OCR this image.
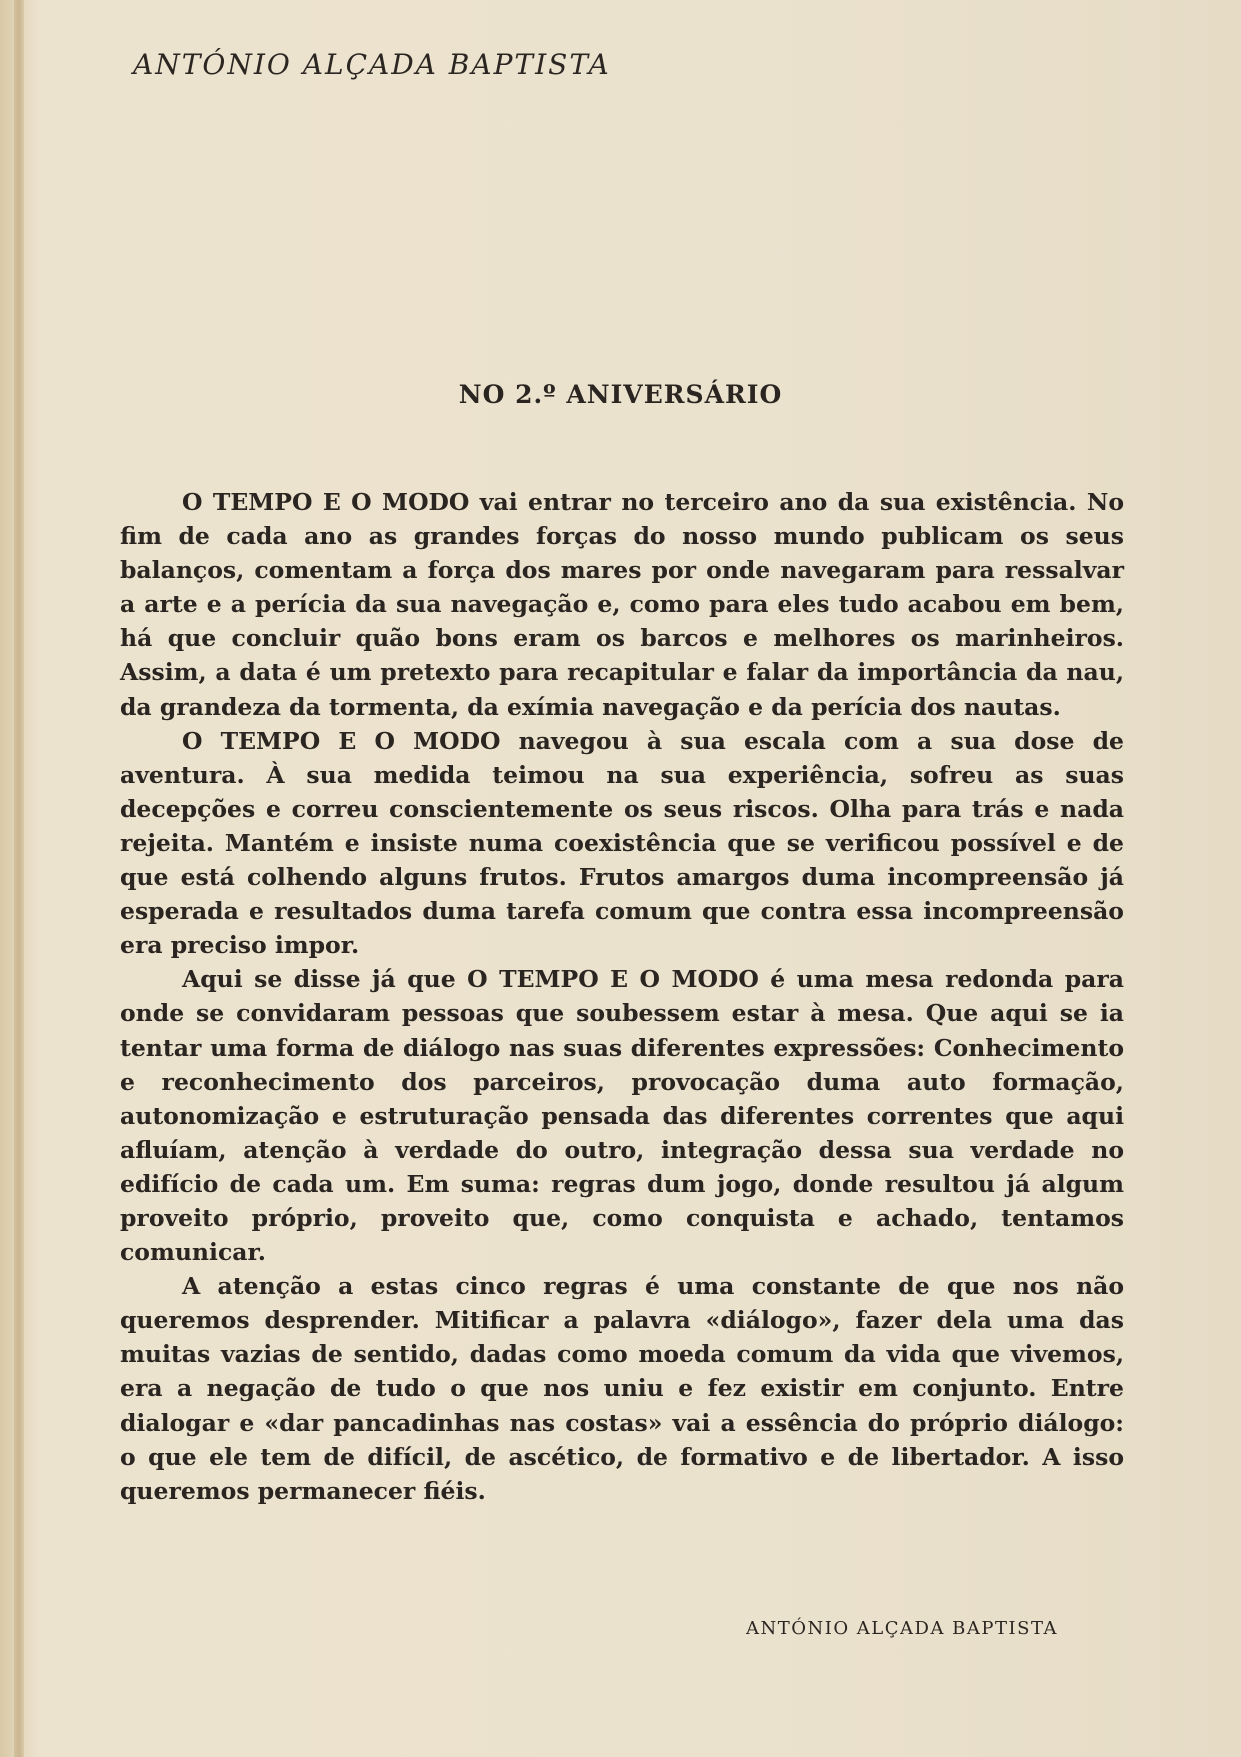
ANTÓNIO ALÇADA BAPTISTA
NO 2.º ANIVERSÁRIO

O TEMPO E O MODO vai entrar no terceiro ano da sua existência. No fim de cada ano as grandes forças do nosso mundo publicam os seus balanços, comentam a força dos mares por onde navegaram para ressalvar a arte e a perícia da sua navegação e, como para eles tudo acabou em bem, há que concluir quão bons eram os barcos e melhores os marinheiros. Assim, a data é um pretexto para recapitular e falar da importância da nau, da grandeza da tormenta, da exímia navegação e da perícia dos nautas.

O TEMPO E O MODO navegou à sua escala com a sua dose de aventura. À sua medida teimou na sua experiência, sofreu as suas decepções e correu conscientemente os seus riscos. Olha para trás e nada rejeita. Mantém e insiste numa coexistência que se verificou possível e de que está colhendo alguns frutos. Frutos amargos duma incompreensão já esperada e resultados duma tarefa comum que contra essa incompreensão era preciso impor.

Aqui se disse já que O TEMPO E O MODO é uma mesa redonda para onde se convidaram pessoas que soubessem estar à mesa. Que aqui se ia tentar uma forma de diálogo nas suas diferentes expressões: Conhecimento e reconhecimento dos parceiros, provocação duma auto formação, autonomização e estruturação pensada das diferentes correntes que aqui afluíam, atenção à verdade do outro, integração dessa sua verdade no edifício de cada um. Em suma: regras dum jogo, donde resultou já algum proveito próprio, proveito que, como conquista e achado, tentamos comunicar.

A atenção a estas cinco regras é uma constante de que nos não queremos desprender. Mitificar a palavra «diálogo», fazer dela uma das muitas vazias de sentido, dadas como moeda comum da vida que vivemos, era a negação de tudo o que nos uniu e fez existir em conjunto. Entre dialogar e «dar pancadinhas nas costas» vai a essência do próprio diálogo: o que ele tem de difícil, de ascético, de formativo e de libertador. A isso queremos permanecer fiéis.

ANTÓNIO ALÇADA BAPTISTA
